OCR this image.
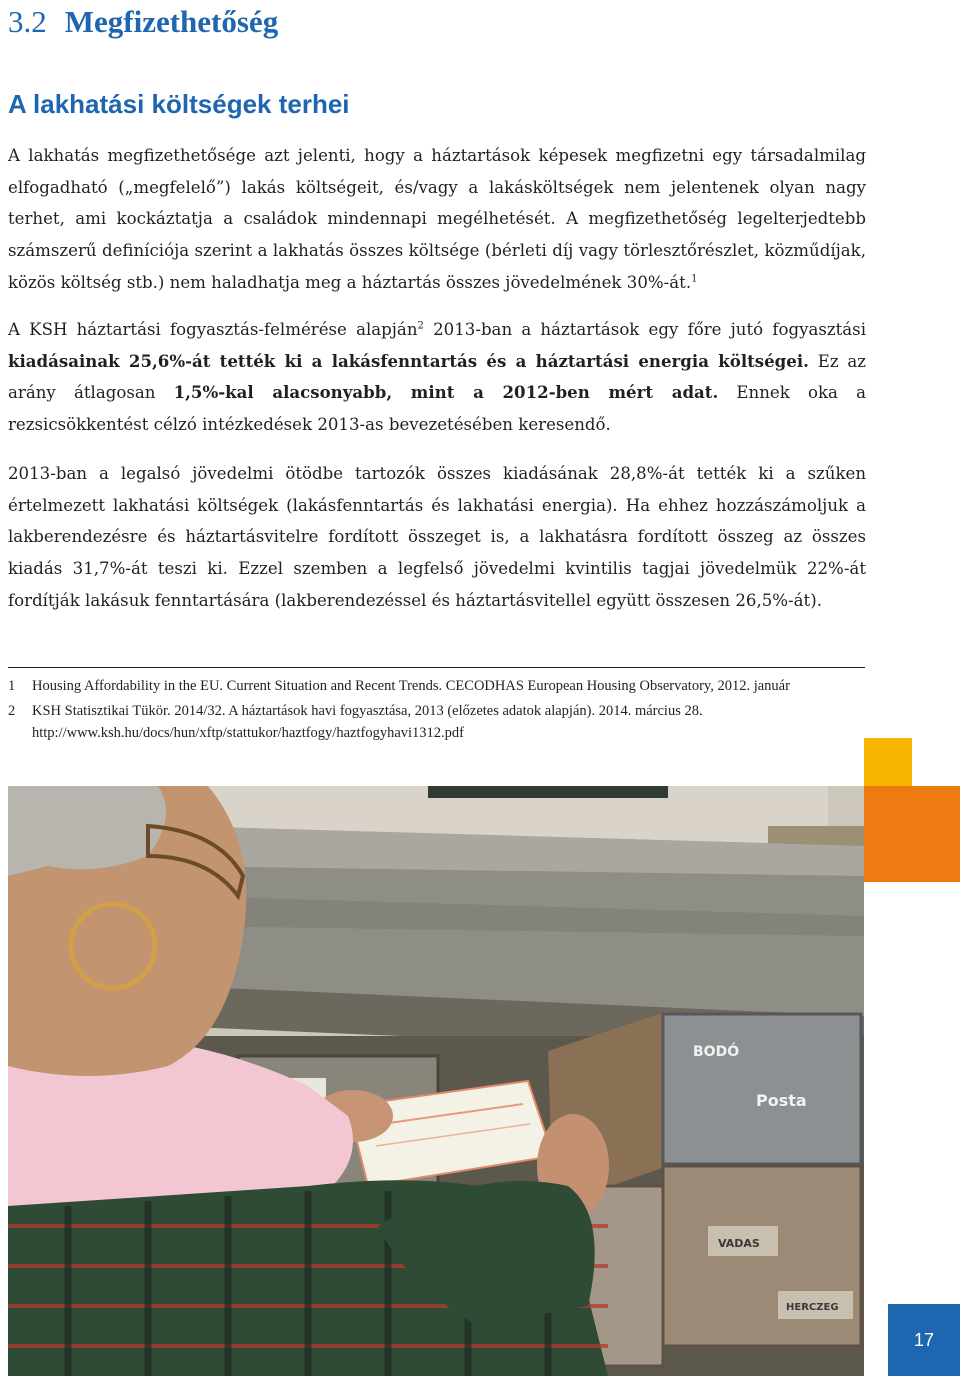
3.2 Megfizethetőség
A lakhatási költségek terhei

A lakhatás megfizethetősége azt jelenti, hogy a háztartások képesek megfizetni egy társadalmilag elfogadható („megfelelő”) lakás költségeit, és/vagy a lakásköltségek nem jelentenek olyan nagy terhet, ami kockáztatja a családok mindennapi megélhetését. A megfizethetőség legelterjedtebb számszerű definíciója szerint a lakhatás összes költsége (bérleti díj vagy törlesztőrészlet, közműdíjak, közös költség stb.) nem haladhatja meg a háztartás összes jövedelmének 30%-át.$^1$

A KSH háztartási fogyasztás-felmérése alapján$^2$ 2013-ban a háztartások egy főre jutó fogyasztási kiadásainak 25,6%-át tették ki a lakásfenntartás és a háztartási energia költségei. Ez az arány átlagosan 1,5%-kal alacsonyabb, mint a 2012-ben mért adat. Ennek oka a rezsicsökkentést célzó intézkedések 2013-as bevezetésében keresendő.

2013-ban a legalsó jövedelmi ötödbe tartozók összes kiadásának 28,8%-át tették ki a szűken értelmezett lakhatási költségek (lakásfenntartás és lakhatási energia). Ha ehhez hozzászámoljuk a lakberendezésre és háztartásvitelre fordított összeget is, a lakhatásra fordított összeg az összes kiadás 31,7%-át teszi ki. Ezzel szemben a legfelső jövedelmi kvintilis tagjai jövedelmük 22%-át fordítják lakásuk fenntartására (lakberendezéssel és háztartásvitellel együtt összesen 26,5%-át).

1 Housing Affordability in the EU. Current Situation and Recent Trends. CECODHAS European Housing Observatory, 2012. január
2 KSH Statisztikai Tükör. 2014/32. A háztartások havi fogyasztása, 2013 (előzetes adatok alapján). 2014. március 28. http://www.ksh.hu/docs/hun/xftp/stattukor/haztfogy/haztfogyhavi1312.pdf
BODÓ
Posta
VADAS
HERCZEG
17
